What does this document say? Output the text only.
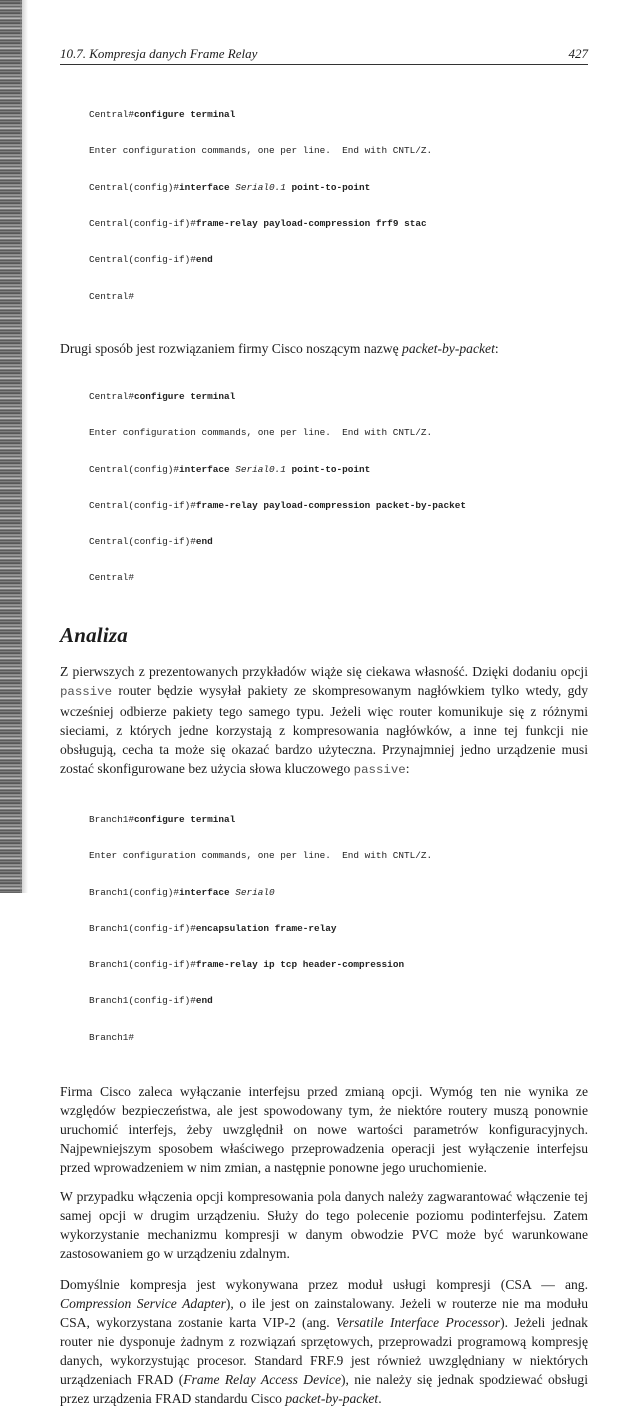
10.7. Kompresja danych Frame Relay	427

Central#configure terminal

Enter configuration commands, one per line.  End with CNTL/Z.

Central(config)#interface Serial0.1 point-to-point

Central(config-if)#frame-relay payload-compression frf9 stac

Central(config-if)#end

Central#

Drugi sposób jest rozwiązaniem firmy Cisco noszącym nazwę packet-by-packet:

Central#configure terminal

Enter configuration commands, one per line.  End with CNTL/Z.

Central(config)#interface Serial0.1 point-to-point

Central(config-if)#frame-relay payload-compression packet-by-packet

Central(config-if)#end

Central#

Analiza

Z pierwszych z prezentowanych przykładów wiąże się ciekawa własność. Dzięki dodaniu opcji passive router będzie wysyłał pakiety ze skompresowanym nagłówkiem tylko wtedy, gdy wcześniej odbierze pakiety tego samego typu. Jeżeli więc router komunikuje się z różnymi sieciami, z których jedne korzystają z kompresowania nagłówków, a inne tej funkcji nie obsługują, cecha ta może się okazać bardzo użyteczna. Przynajmniej jedno urządzenie musi zostać skonfigurowane bez użycia słowa kluczowego passive:

Branch1#configure terminal

Enter configuration commands, one per line.  End with CNTL/Z.

Branch1(config)#interface Serial0

Branch1(config-if)#encapsulation frame-relay

Branch1(config-if)#frame-relay ip tcp header-compression

Branch1(config-if)#end

Branch1#

Firma Cisco zaleca wyłączanie interfejsu przed zmianą opcji. Wymóg ten nie wynika ze względów bezpieczeństwa, ale jest spowodowany tym, że niektóre routery muszą ponownie uruchomić interfejs, żeby uwzględnił on nowe wartości parametrów konfiguracyjnych. Najpewniejszym sposobem właściwego przeprowadzenia operacji jest wyłączenie interfejsu przed wprowadzeniem w nim zmian, a następnie ponowne jego uruchomienie.

W przypadku włączenia opcji kompresowania pola danych należy zagwarantować włączenie tej samej opcji w drugim urządzeniu. Służy do tego polecenie poziomu podinterfejsu. Zatem wykorzystanie mechanizmu kompresji w danym obwodzie PVC może być warunkowane zastosowaniem go w urządzeniu zdalnym.

Domyślnie kompresja jest wykonywana przez moduł usługi kompresji (CSA — ang. Compression Service Adapter), o ile jest on zainstalowany. Jeżeli w routerze nie ma modułu CSA, wykorzystana zostanie karta VIP-2 (ang. Versatile Interface Processor). Jeżeli jednak router nie dysponuje żadnym z rozwiązań sprzętowych, przeprowadzi programową kompresję danych, wykorzystując procesor. Standard FRF.9 jest również uwzględniany w niektórych urządzeniach FRAD (Frame Relay Access Device), nie należy się jednak spodziewać obsługi przez urządzenia FRAD standardu Cisco packet-by-packet.
